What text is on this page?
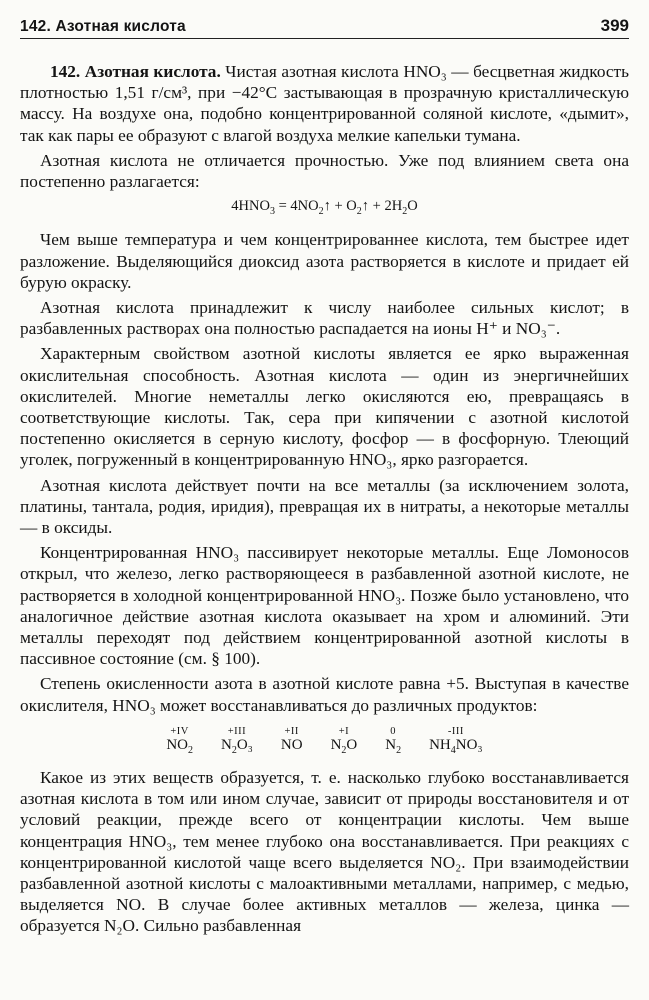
142. Азотная кислота	399

142. Азотная кислота. Чистая азотная кислота HNO₃ — бесцветная жидкость плотностью 1,51 г/см³, при −42°C застывающая в прозрачную кристаллическую массу. На воздухе она, подобно концентрированной соляной кислоте, «дымит», так как пары ее образуют с влагой воздуха мелкие капельки тумана.

Азотная кислота не отличается прочностью. Уже под влиянием света она постепенно разлагается:

$4HNO_3$ = $4NO_2↑$ + $O_2↑ + 2H_2O$

Чем выше температура и чем концентрированнее кислота, тем быстрее идет разложение. Выделяющийся диоксид азота растворяется в кислоте и придает ей бурую окраску.

Азотная кислота принадлежит к числу наиболее сильных кислот; в разбавленных растворах она полностью распадается на ионы H⁺ и NO₃⁻.

Характерным свойством азотной кислоты является ее ярко выраженная окислительная способность. Азотная кислота — один из энергичнейших окислителей. Многие неметаллы легко окисляются ею, превращаясь в соответствующие кислоты. Так, сера при кипячении с азотной кислотой постепенно окисляется в серную кислоту, фосфор — в фосфорную. Тлеющий уголек, погруженный в концентрированную HNO₃, ярко разгорается.

Азотная кислота действует почти на все металлы (за исключением золота, платины, тантала, родия, иридия), превращая их в нитраты, а некоторые металлы — в оксиды.

Концентрированная HNO₃ пассивирует некоторые металлы. Еще Ломоносов открыл, что железо, легко растворяющееся в разбавленной азотной кислоте, не растворяется в холодной концентрированной HNO₃. Позже было установлено, что аналогичное действие азотная кислота оказывает на хром и алюминий. Эти металлы переходят под действием концентрированной азотной кислоты в пассивное состояние (см. § 100).

Степень окисленности азота в азотной кислоте равна +5. Выступая в качестве окислителя, HNO₃ может восстанавливаться до различных продуктов:

+IV
$NO_2$
+III
$N_2O_3$
+II
NO
+I
$N_2O$
0
$N_2$
-III
$NH_4NO_3$

Какое из этих веществ образуется, т. е. насколько глубоко восстанавливается азотная кислота в том или ином случае, зависит от природы восстановителя и от условий реакции, прежде всего от концентрации кислоты. Чем выше концентрация HNO₃, тем менее глубоко она восстанавливается. При реакциях с концентрированной кислотой чаще всего выделяется NO₂. При взаимодействии разбавленной азотной кислоты с малоактивными металлами, например, с медью, выделяется NO. В случае более активных металлов — железа, цинка — образуется N₂O. Сильно разбавленная
